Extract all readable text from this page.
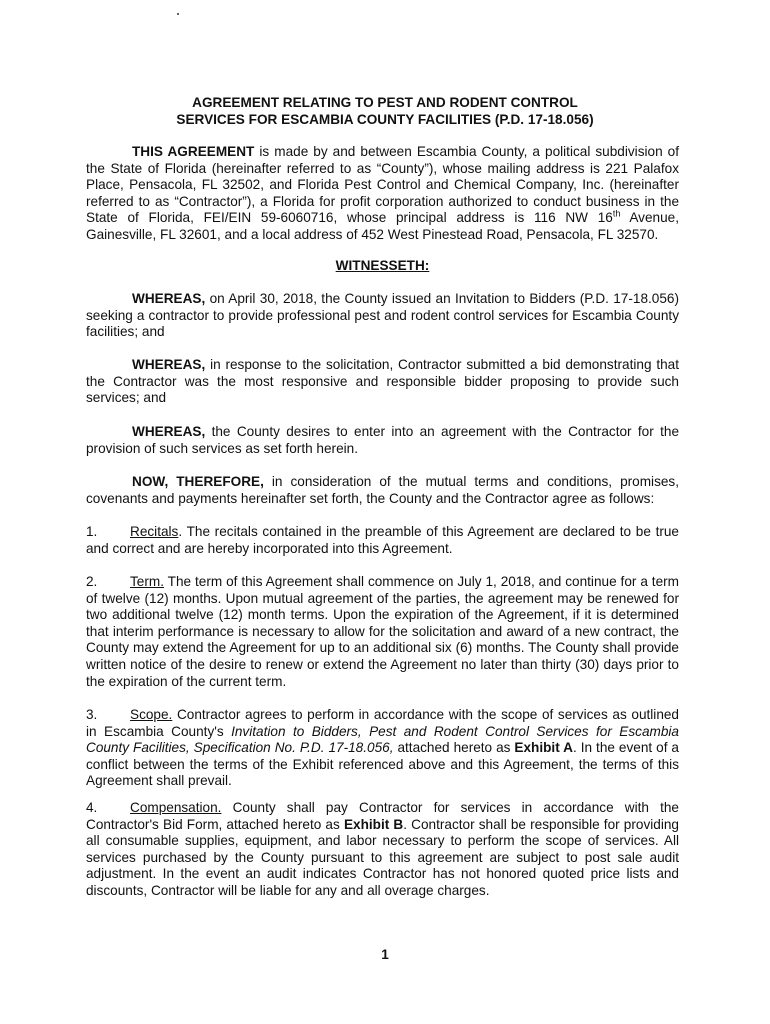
AGREEMENT RELATING TO PEST AND RODENT CONTROL
SERVICES FOR ESCAMBIA COUNTY FACILITIES (P.D. 17-18.056)

THIS AGREEMENT is made by and between Escambia County, a political subdivision of the State of Florida (hereinafter referred to as “County”), whose mailing address is 221 Palafox Place, Pensacola, FL 32502, and Florida Pest Control and Chemical Company, Inc. (hereinafter referred to as “Contractor”), a Florida for profit corporation authorized to conduct business in the State of Florida, FEI/EIN 59-6060716, whose principal address is 116 NW 16th Avenue, Gainesville, FL 32601, and a local address of 452 West Pinestead Road, Pensacola, FL 32570.

WITNESSETH:

WHEREAS, on April 30, 2018, the County issued an Invitation to Bidders (P.D. 17-18.056) seeking a contractor to provide professional pest and rodent control services for Escambia County facilities; and

WHEREAS, in response to the solicitation, Contractor submitted a bid demonstrating that the Contractor was the most responsive and responsible bidder proposing to provide such services; and

WHEREAS, the County desires to enter into an agreement with the Contractor for the provision of such services as set forth herein.

NOW, THEREFORE, in consideration of the mutual terms and conditions, promises, covenants and payments hereinafter set forth, the County and the Contractor agree as follows:

1. Recitals. The recitals contained in the preamble of this Agreement are declared to be true and correct and are hereby incorporated into this Agreement.

2. Term. The term of this Agreement shall commence on July 1, 2018, and continue for a term of twelve (12) months. Upon mutual agreement of the parties, the agreement may be renewed for two additional twelve (12) month terms. Upon the expiration of the Agreement, if it is determined that interim performance is necessary to allow for the solicitation and award of a new contract, the County may extend the Agreement for up to an additional six (6) months. The County shall provide written notice of the desire to renew or extend the Agreement no later than thirty (30) days prior to the expiration of the current term.

3. Scope. Contractor agrees to perform in accordance with the scope of services as outlined in Escambia County's Invitation to Bidders, Pest and Rodent Control Services for Escambia County Facilities, Specification No. P.D. 17-18.056, attached hereto as Exhibit A. In the event of a conflict between the terms of the Exhibit referenced above and this Agreement, the terms of this Agreement shall prevail.

4. Compensation. County shall pay Contractor for services in accordance with the Contractor's Bid Form, attached hereto as Exhibit B. Contractor shall be responsible for providing all consumable supplies, equipment, and labor necessary to perform the scope of services. All services purchased by the County pursuant to this agreement are subject to post sale audit adjustment. In the event an audit indicates Contractor has not honored quoted price lists and discounts, Contractor will be liable for any and all overage charges.

1
